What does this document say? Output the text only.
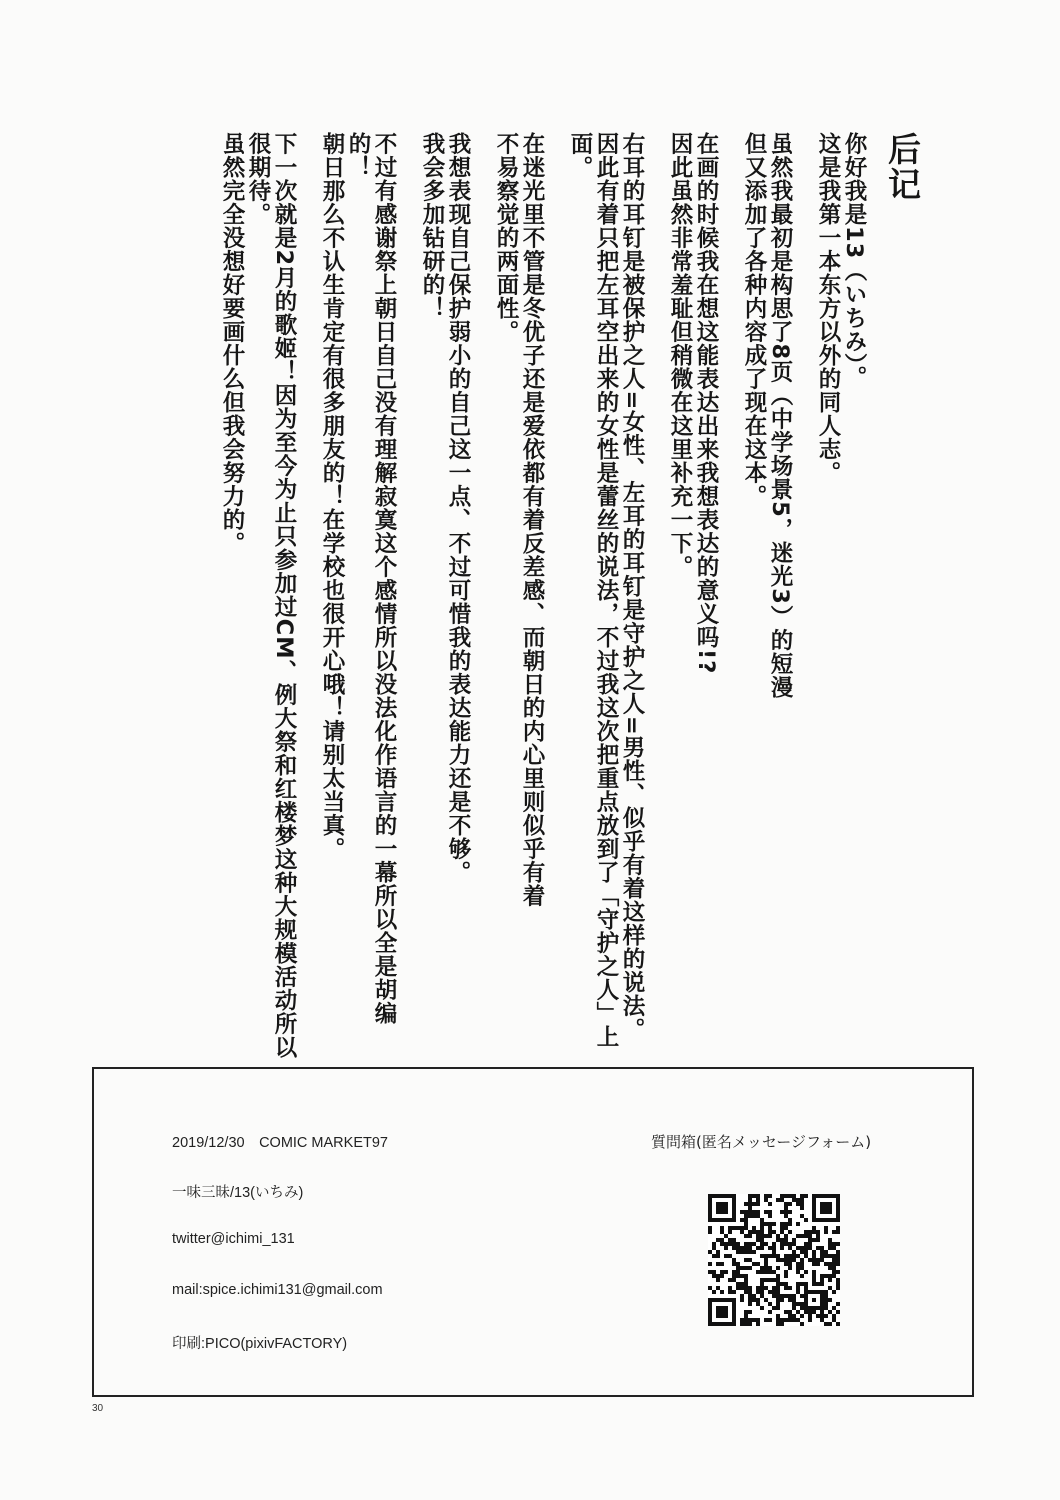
后记
你好我是13（いちみ）。
这是我第一本东方以外的同人志。
虽然我最初是构思了8页（中学场景5，迷光3）的短漫
但又添加了各种内容成了现在这本。
在画的时候我在想这能表达出来我想表达的意义吗!?
因此虽然非常羞耻但稍微在这里补充一下。
右耳的耳钉是被保护之人=女性、左耳的耳钉是守护之人=男性、似乎有着这样的说法。
因此有着只把左耳空出来的女性是蕾丝的说法，不过我这次把重点放到了「守护之人」上面。
在迷光里不管是冬优子还是爱依都有着反差感、而朝日的内心里则似乎有着
不易察觉的两面性。
我想表现自己保护弱小的自己这一点、不过可惜我的表达能力还是不够。
我会多加钻研的！
不过有感谢祭上朝日自己没有理解寂寞这个感情所以没法化作语言的一幕所以全是胡编的！
朝日那么不认生肯定有很多朋友的！在学校也很开心哦！请别太当真。
下一次就是2月的歌姬！因为至今为止只参加过CM、例大祭和红楼梦这种大规模活动所以很期待。
虽然完全没想好要画什么但我会努力的。
2019/12/30　COMIC MARKET97
一味三昧/13(いちみ)
twitter@ichimi_131
mail:spice.ichimi131@gmail.com
印刷:PICO(pixivFACTORY)
質問箱(匿名メッセージフォーム)
30
